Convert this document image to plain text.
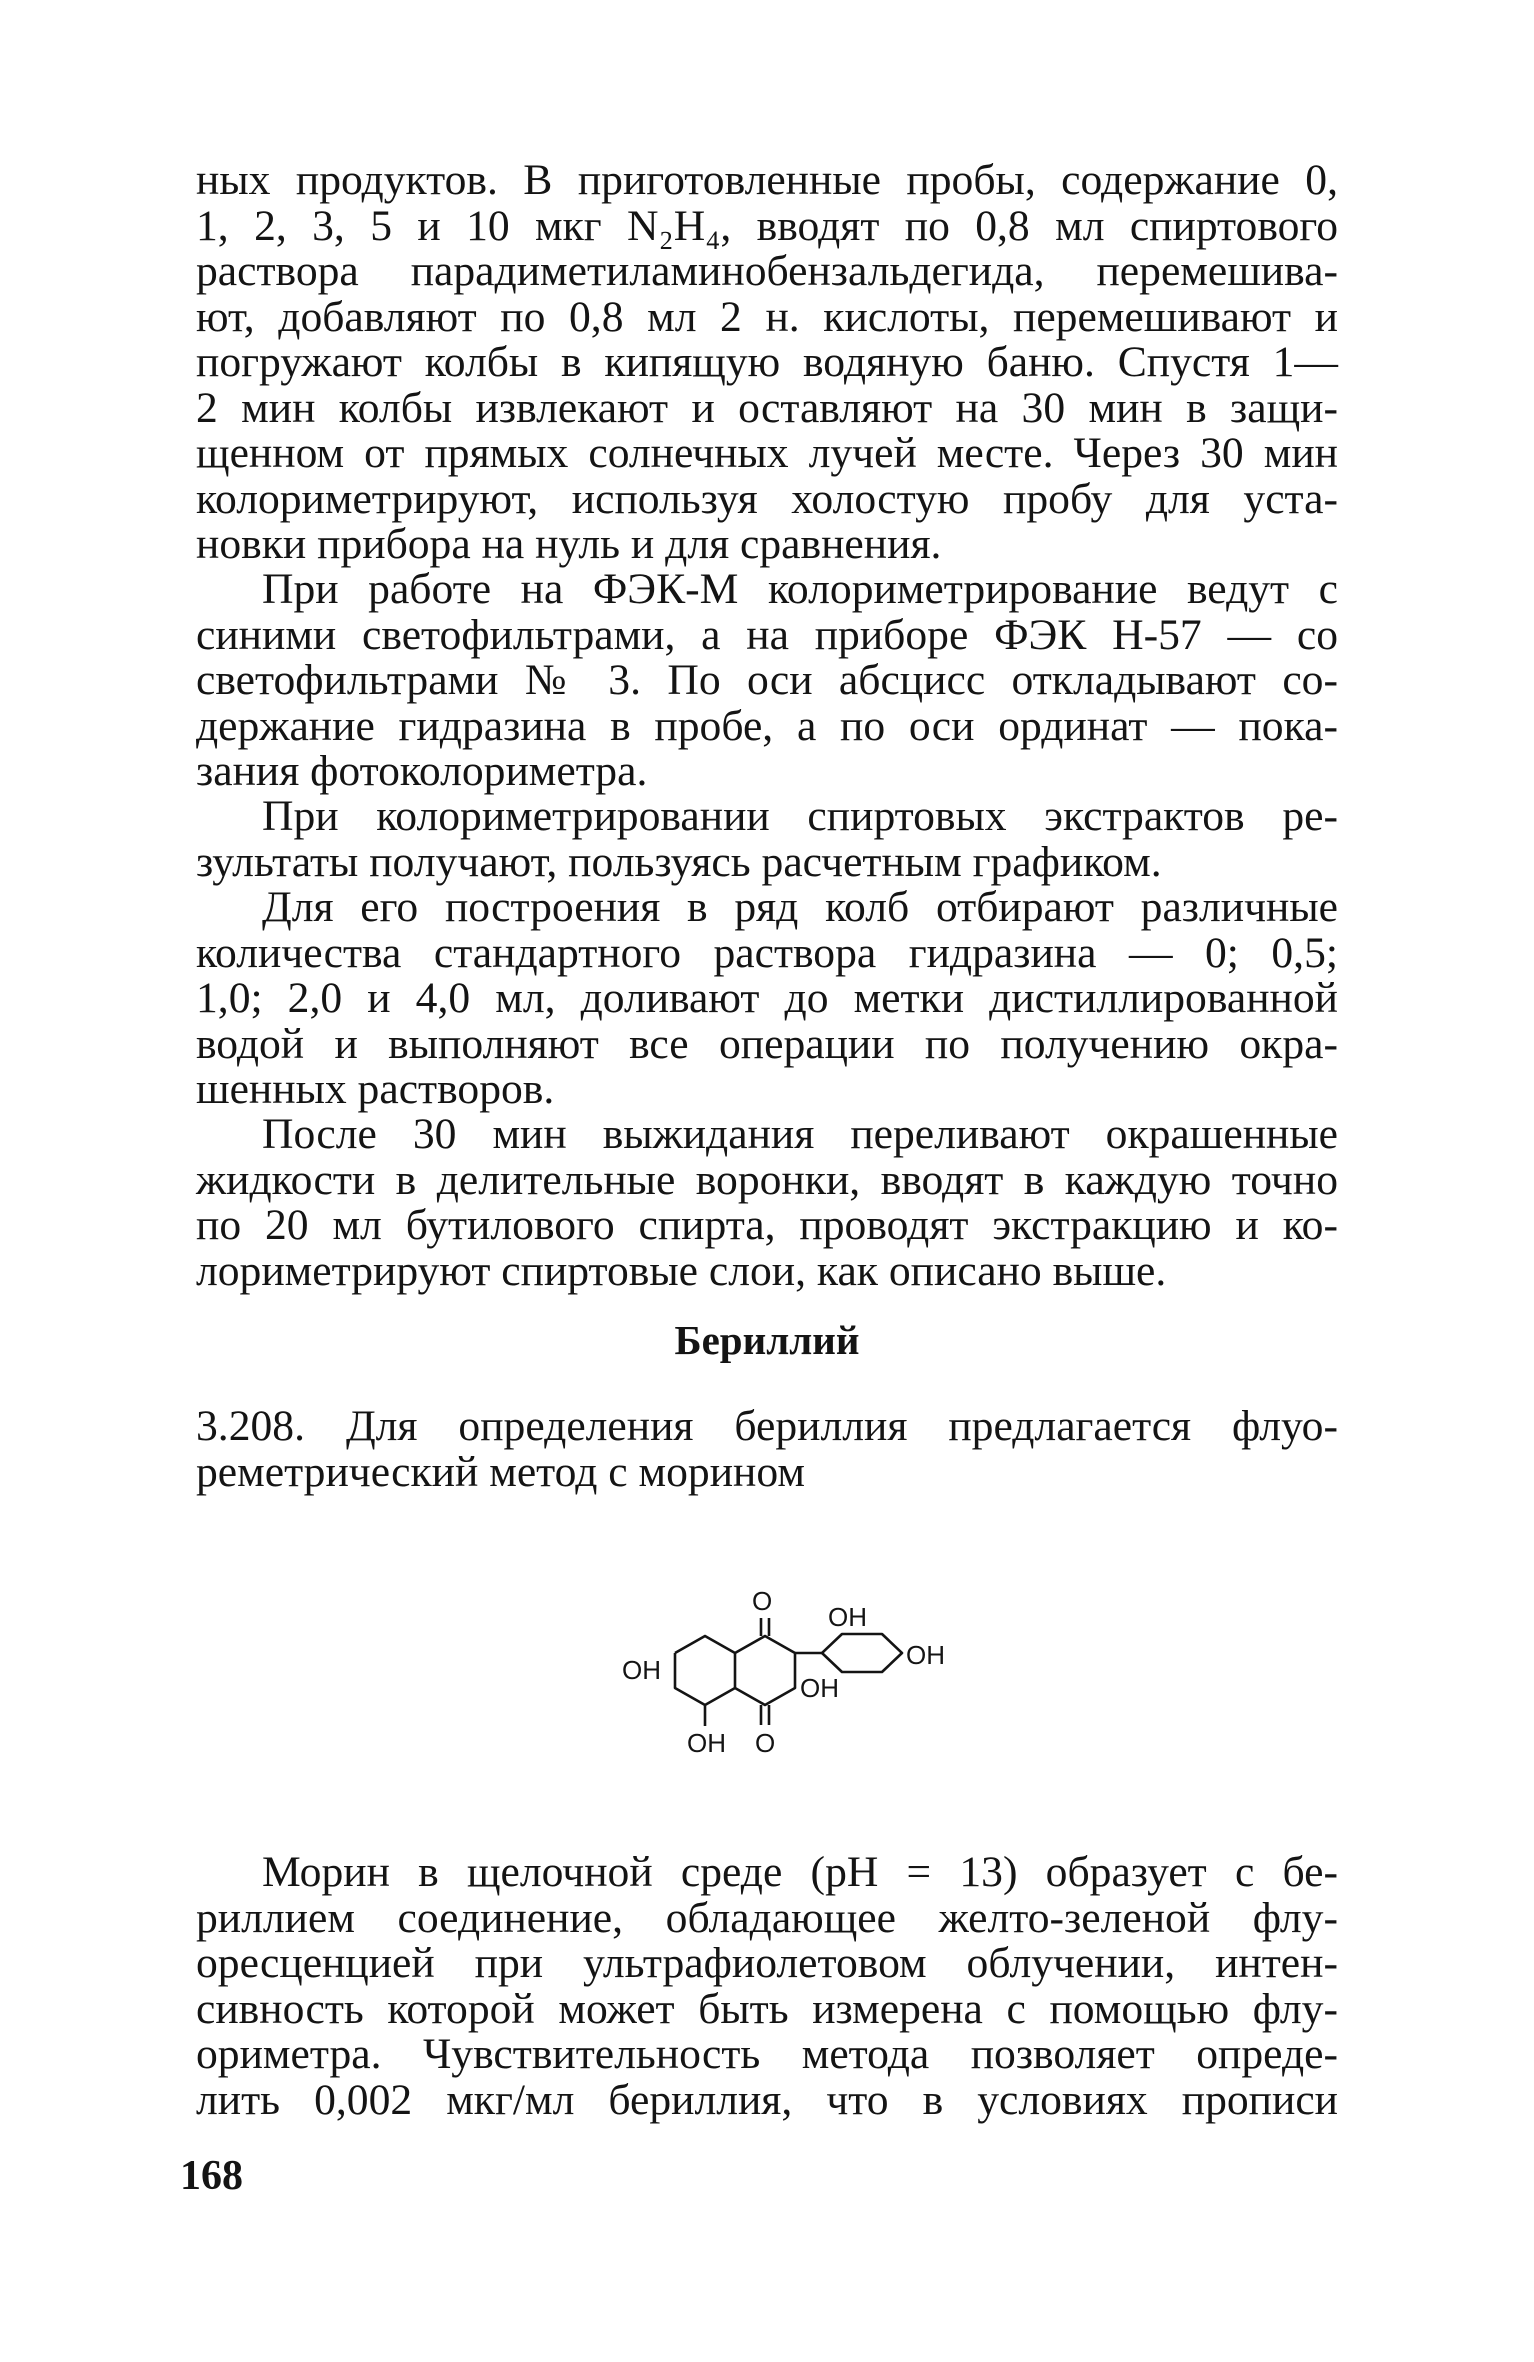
ных продуктов. В приготовленные пробы, содержание 0,
1, 2, 3, 5 и 10 мкг N₂H₄, вводят по 0,8 мл спиртового
раствора парадиметиламинобензальдегида, перемешива-
ют, добавляют по 0,8 мл 2 н. кислоты, перемешивают и
погружают колбы в кипящую водяную баню. Спустя 1—
2 мин колбы извлекают и оставляют на 30 мин в защи-
щенном от прямых солнечных лучей месте. Через 30 мин
колориметрируют, используя холостую пробу для уста-
новки прибора на нуль и для сравнения.

При работе на ФЭК-М колориметрирование ведут с
синими светофильтрами, а на приборе ФЭК Н-57 — со
светофильтрами № 3. По оси абсцисс откладывают со-
держание гидразина в пробе, а по оси ординат — пока-
зания фотоколориметра.

При колориметрировании спиртовых экстрактов ре-
зультаты получают, пользуясь расчетным графиком.

Для его построения в ряд колб отбирают различные
количества стандартного раствора гидразина — 0; 0,5;
1,0; 2,0 и 4,0 мл, доливают до метки дистиллированной
водой и выполняют все операции по получению окра-
шенных растворов.

После 30 мин выжидания переливают окрашенные
жидкости в делительные воронки, вводят в каждую точно
по 20 мл бутилового спирта, проводят экстракцию и ко-
лориметрируют спиртовые слои, как описано выше.

Бериллий

3.208. Для определения бериллия предлагается флуо-
реметрический метод с морином

O
OH
OH
OH
OH
OH O

Морин в щелочной среде (pH = 13) образует с бе-
риллием соединение, обладающее желто-зеленой флу-
оресценцией при ультрафиолетовом облучении, интен-
сивность которой может быть измерена с помощью флу-
ориметра. Чувствительность метода позволяет опреде-
лить 0,002 мкг/мл бериллия, что в условиях прописи

168
